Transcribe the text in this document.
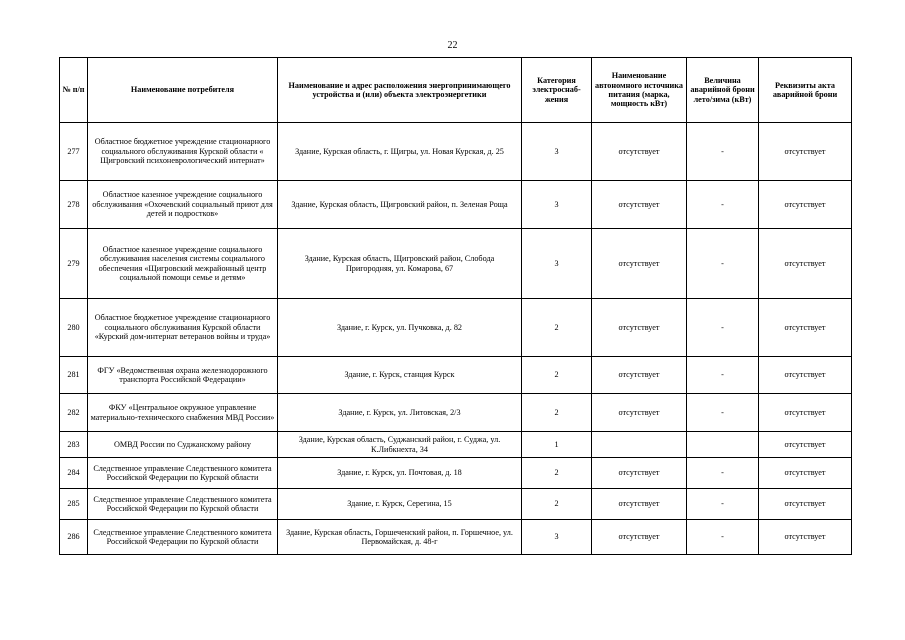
22
№ п/п	Наименование потребителя	Наименование и адрес расположения энергопринимающего устройства и (или) объекта электроэнергетики	Категория электроснаб-жения	Наименование автономного источника питания (марка, мощность кВт)	Величина аварийной брони лето/зима (кВт)	Реквизиты акта аварийной брони
277	Областное бюджетное учреждение стационарного социального обслуживания Курской области « Щигровский психоневрологический интернат»	Здание, Курская область, г. Щигры, ул. Новая Курская, д. 25	3	отсутствует	-	отсутствует
278	Областное казенное учреждение социального обслуживания «Охочевский социальный приют для детей и подростков»	Здание, Курская область, Щигровский район, п. Зеленая Роща	3	отсутствует	-	отсутствует
279	Областное казенное учреждение социального обслуживания населения системы социального обеспечения «Щигровский межрайонный центр социальной помощи семье и детям»	Здание, Курская область, Щигровский район, Слобода Пригородняя, ул. Комарова, 67	3	отсутствует	-	отсутствует
280	Областное бюджетное учреждение стационарного социального обслуживания Курской области «Курский дом-интернат ветеранов войны и труда»	Здание, г. Курск, ул. Пучковка, д. 82	2	отсутствует	-	отсутствует
281	ФГУ «Ведомственная охрана железнодорожного транспорта Российской Федерации»	Здание, г. Курск, станция Курск	2	отсутствует	-	отсутствует
282	ФКУ «Центральное окружное управление материально-технического снабжения МВД России»	Здание, г. Курск, ул. Литовская, 2/3	2	отсутствует	-	отсутствует
283	ОМВД России по Суджанскому району	Здание, Курская область, Суджанский район, г. Суджа, ул. К.Либкнехта, 34	1			отсутствует
284	Следственное управление Следственного комитета Российской Федерации по Курской области	Здание, г. Курск, ул. Почтовая, д. 18	2	отсутствует	-	отсутствует
285	Следственное управление Следственного комитета Российской Федерации по Курской области	Здание, г. Курск, Серегина, 15	2	отсутствует	-	отсутствует
286	Следственное управление Следственного комитета Российской Федерации по Курской области	Здание, Курская область, Горшеченский район, п. Горшечное, ул. Первомайская, д. 48-г	3	отсутствует	-	отсутствует
